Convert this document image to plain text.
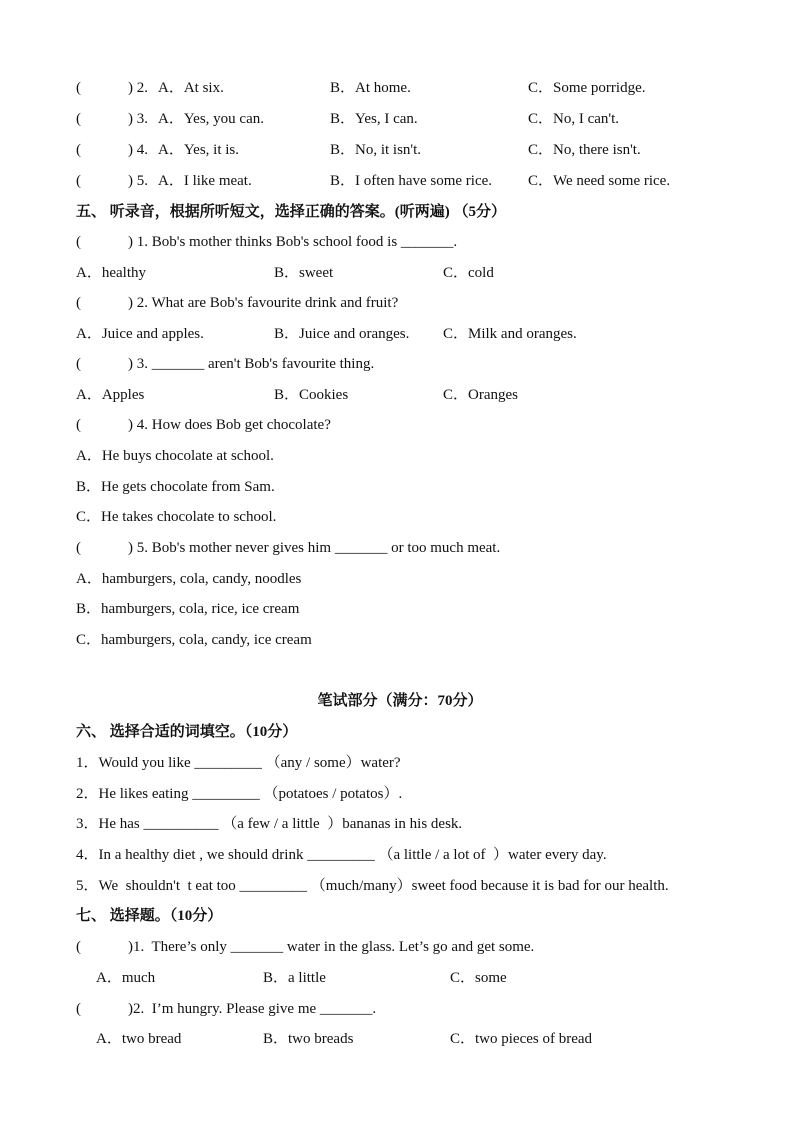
(	) 2. A．At six.	B．At home.	C．Some porridge.
(	) 3. A．Yes, you can.	B．Yes, I can.	C．No, I can't.
(	) 4. A．Yes, it is.	B．No, it isn't.	C．No, there isn't.
(	) 5. A．I like meat.	B．I often have some rice. C．We need some rice.
五、 听录音，根据所听短文，选择正确的答案。(听两遍) （5分）
(	) 1. Bob's mother thinks Bob's school food is _______.
A．healthy	B．sweet	C．cold
(	) 2. What are Bob's favourite drink and fruit?
A．Juice and apples.	B．Juice and oranges. C．Milk and oranges.
(	) 3. _______ aren't Bob's favourite thing.
A．Apples	B．Cookies	C．Oranges
(	) 4. How does Bob get chocolate?
A．He buys chocolate at school.
B．He gets chocolate from Sam.
C．He takes chocolate to school.
(	) 5. Bob's mother never gives him _______ or too much meat.
A．hamburgers, cola, candy, noodles
B．hamburgers, cola, rice, ice cream
C．hamburgers, cola, candy, ice cream
笔试部分（满分：70分）
六、 选择合适的词填空。（10分）
1．Would you like _________ （any / some）water?
2．He likes eating _________ （potatoes / potatos）.
3．He has __________ （a few / a little  ）bananas in his desk.
4．In a healthy diet , we should drink _________ （a little / a lot of  ）water every day.
5．We  shouldn't  t eat too _________ （much/many）sweet food because it is bad for our health.
七、 选择题。（10分）
(	)1.  There’s only _______ water in the glass. Let’s go and get some.
A．much	B．a little	C．some
(	)2.  I’m hungry. Please give me _______.
A．two bread	B．two breads	C．two pieces of bread
